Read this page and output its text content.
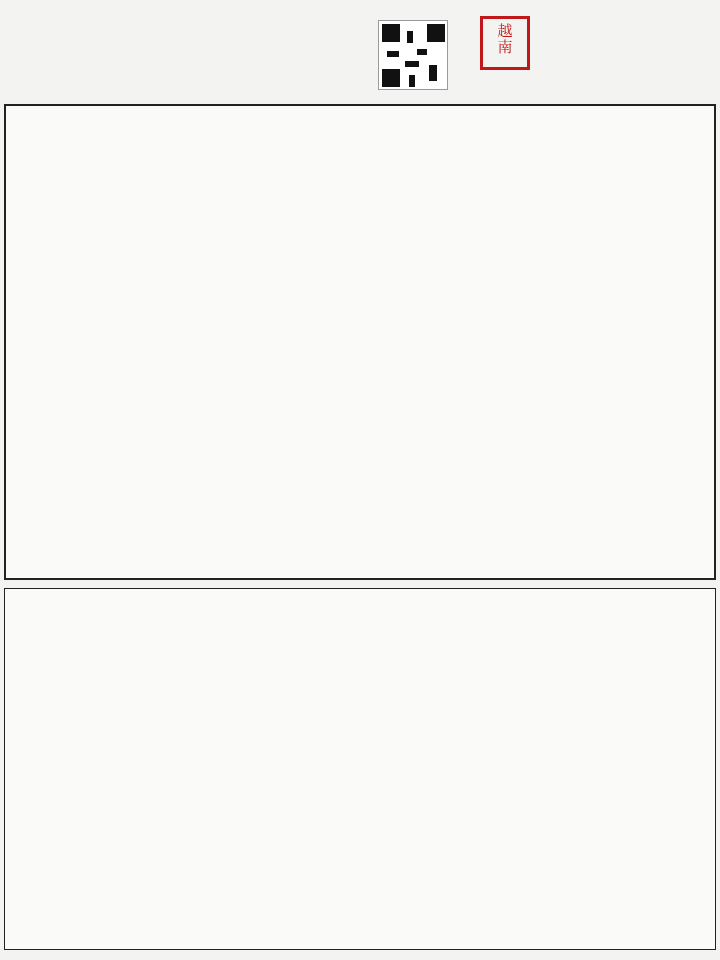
越
南
